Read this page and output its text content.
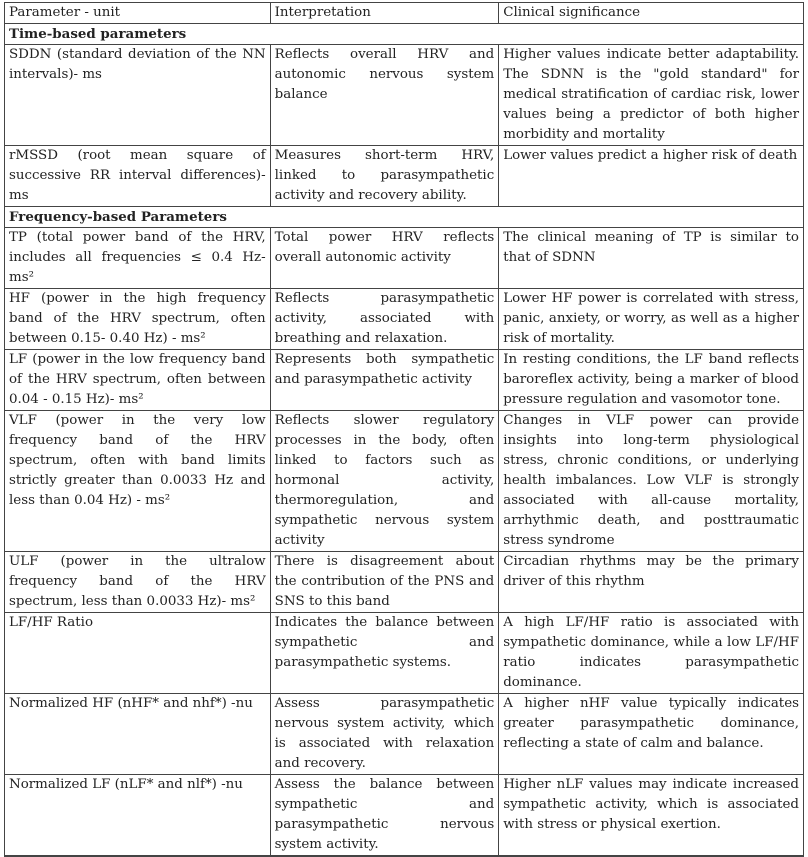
Parameter - unit	Interpretation	Clinical significance
Time-based parameters		
SDDN (standard deviation of the NN intervals)- ms	Reflects overall HRV and autonomic nervous system balance	Higher values indicate better adaptability. The SDNN is the "gold standard" for medical stratification of cardiac risk, lower values being a predictor of both higher morbidity and mortality
rMSSD (root mean square of successive RR interval differences)- ms	Measures short-term HRV, linked to parasympathetic activity and recovery ability.	Lower values predict a higher risk of death
Frequency-based Parameters		
TP (total power band of the HRV, includes all frequencies ≤ 0.4 Hz- ms²	Total power HRV reflects overall autonomic activity	The clinical meaning of TP is similar to that of SDNN
HF (power in the high frequency band of the HRV spectrum, often between 0.15- 0.40 Hz) - ms²	Reflects parasympathetic activity, associated with breathing and relaxation.	Lower HF power is correlated with stress, panic, anxiety, or worry, as well as a higher risk of mortality.
LF (power in the low frequency band of the HRV spectrum, often between 0.04 - 0.15 Hz)- ms²	Represents both sympathetic and parasympathetic activity	In resting conditions, the LF band reflects baroreflex activity, being a marker of blood pressure regulation and vasomotor tone.
VLF (power in the very low frequency band of the HRV spectrum, often with band limits strictly greater than 0.0033 Hz and less than 0.04 Hz) - ms²	Reflects slower regulatory processes in the body, often linked to factors such as hormonal activity, thermoregulation, and sympathetic nervous system activity	Changes in VLF power can provide insights into long-term physiological stress, chronic conditions, or underlying health imbalances. Low VLF is strongly associated with all-cause mortality, arrhythmic death, and posttraumatic stress syndrome
ULF (power in the ultralow frequency band of the HRV spectrum, less than 0.0033 Hz)- ms²	There is disagreement about the contribution of the PNS and SNS to this band	Circadian rhythms may be the primary driver of this rhythm
LF/HF Ratio	Indicates the balance between sympathetic and parasympathetic systems.	A high LF/HF ratio is associated with sympathetic dominance, while a low LF/HF ratio indicates parasympathetic dominance.
Normalized HF (nHF* and nhf*) -nu	Assess parasympathetic nervous system activity, which is associated with relaxation and recovery.	A higher nHF value typically indicates greater parasympathetic dominance, reflecting a state of calm and balance.
Normalized LF (nLF* and nlf*) -nu	Assess the balance between sympathetic and parasympathetic nervous system activity.	Higher nLF values may indicate increased sympathetic activity, which is associated with stress or physical exertion.
